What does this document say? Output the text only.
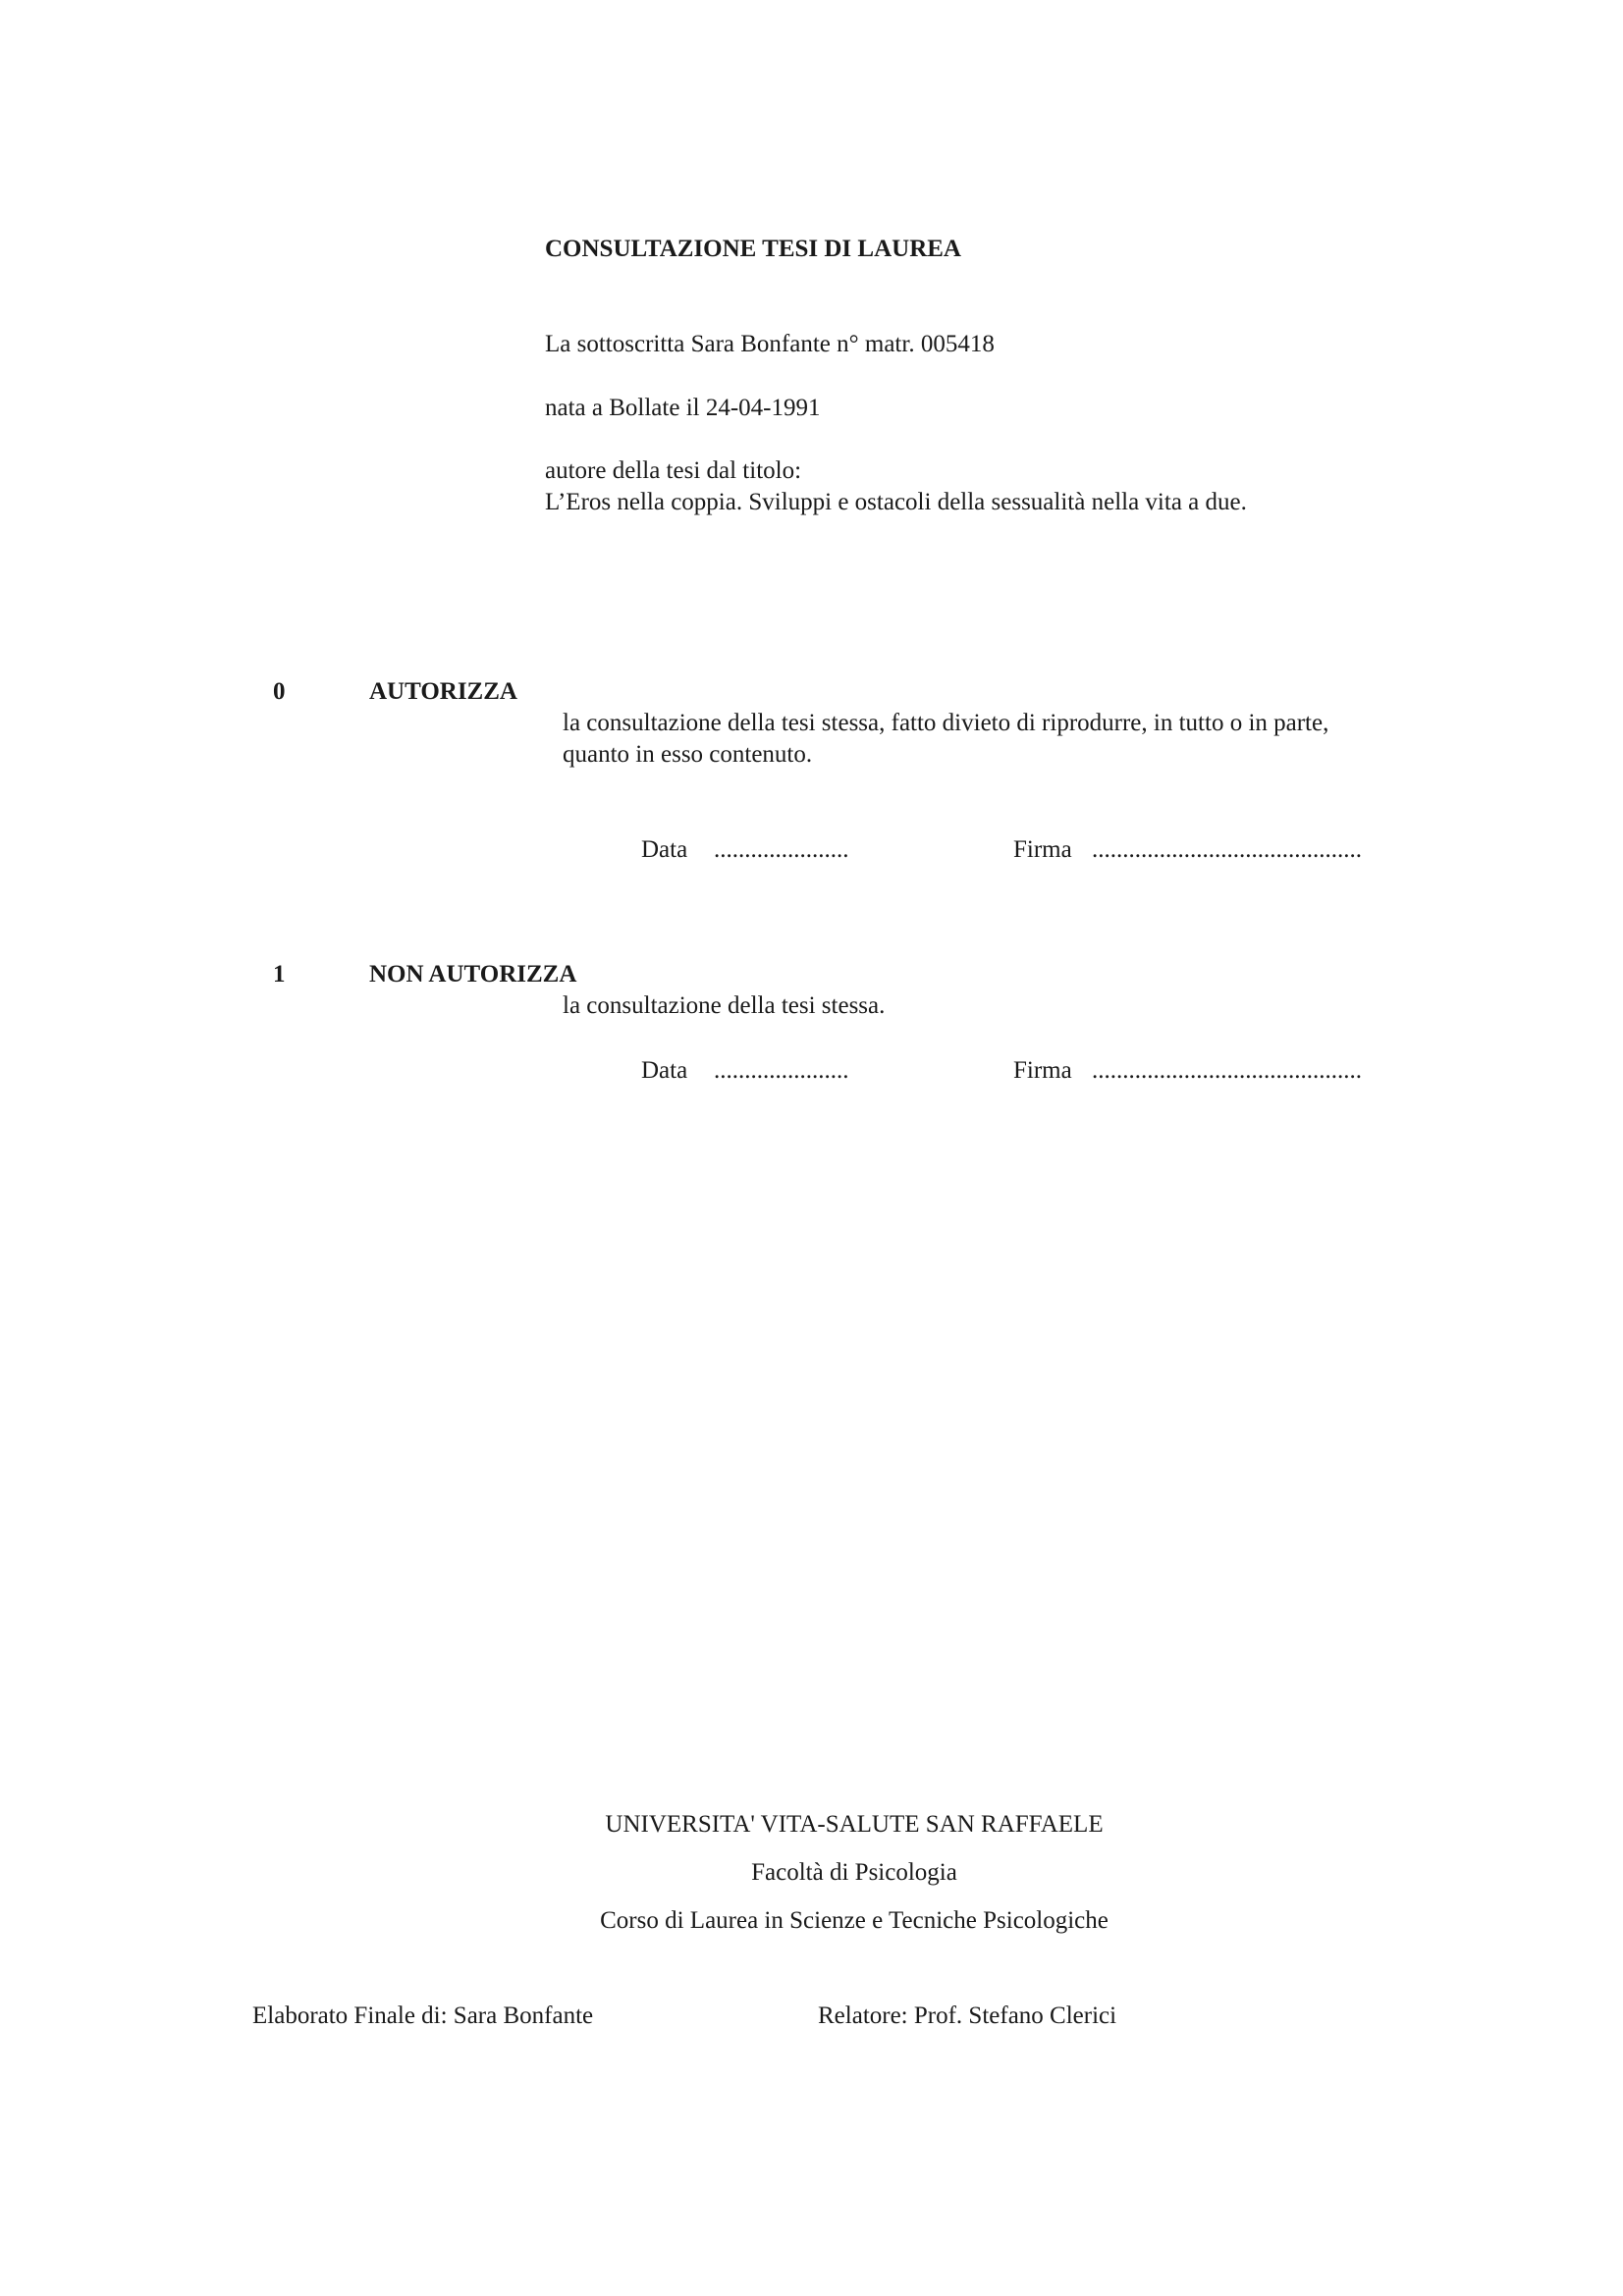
CONSULTAZIONE TESI DI LAUREA
La sottoscritta Sara Bonfante n° matr. 005418
nata a Bollate il 24-04-1991
autore della tesi dal titolo:
L’Eros nella coppia. Sviluppi e ostacoli della sessualità nella vita a due.
0	AUTORIZZA
la consultazione della tesi stessa, fatto divieto di riprodurre, in tutto o in parte,
quanto in esso contenuto.
Data ......................	Firma ............................................
1	NON AUTORIZZA
la consultazione della tesi stessa.
Data ......................	Firma ............................................
UNIVERSITA' VITA-SALUTE SAN RAFFAELE
Facoltà di Psicologia
Corso di Laurea in Scienze e Tecniche Psicologiche
Elaborato Finale di: Sara Bonfante	Relatore: Prof. Stefano Clerici
